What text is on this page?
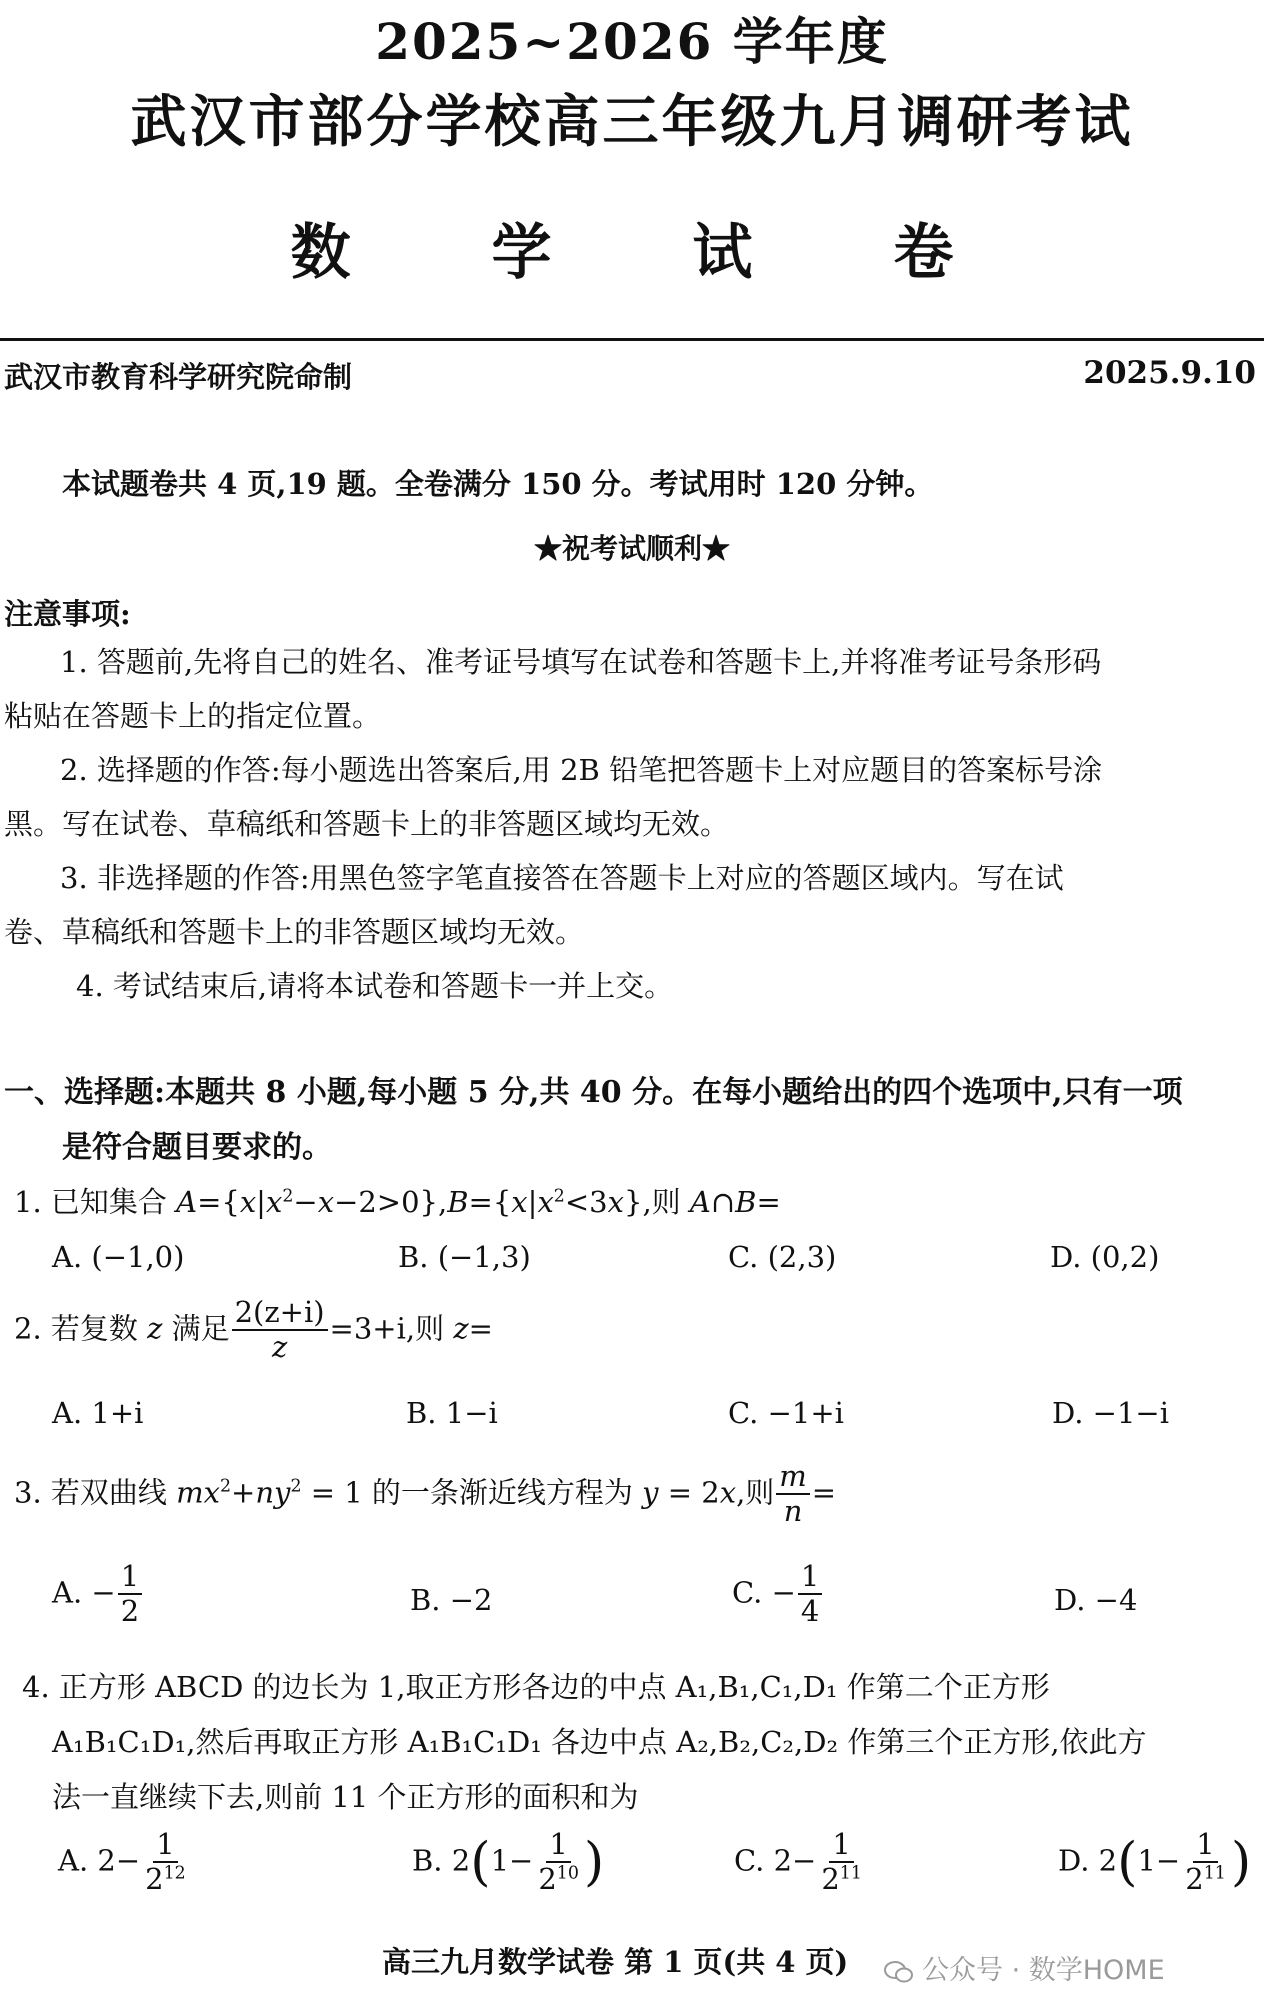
2025~2026 学年度
武汉市部分学校高三年级九月调研考试
数 学 试 卷
武汉市教育科学研究院命制	2025.9.10
本试题卷共 4 页,19 题。全卷满分 150 分。考试用时 120 分钟。
★祝考试顺利★
注意事项:
1. 答题前,先将自己的姓名、准考证号填写在试卷和答题卡上,并将准考证号条形码
粘贴在答题卡上的指定位置。
2. 选择题的作答:每小题选出答案后,用 2B 铅笔把答题卡上对应题目的答案标号涂
黑。写在试卷、草稿纸和答题卡上的非答题区域均无效。
3. 非选择题的作答:用黑色签字笔直接答在答题卡上对应的答题区域内。写在试
卷、草稿纸和答题卡上的非答题区域均无效。
4. 考试结束后,请将本试卷和答题卡一并上交。
一、选择题:本题共 8 小题,每小题 5 分,共 40 分。在每小题给出的四个选项中,只有一项
是符合题目要求的。
1. 已知集合 $A=\{x|x^2-x-2>0\},B=\{x|x^2<3x\}$,则 A∩B=
A. (−1,0)	B. (−1,3)	C. (2,3)	D. (0,2)
2. 若复数 z 满足 $\frac{2(z+i)}{z} =3+i$,则 z=
A. 1+i	B. 1−i	C. −1+i	D. −1−i
3. 若双曲线 $mx^2+ny^2 = 1$ 的一条渐近线方程为 y = 2x,则 $\frac{m}{n}$ =
A. − $\frac{1}{2}$	B. −2	C. − $\frac{1}{4}$	D. −4
4. 正方形 ABCD 的边长为 1,取正方形各边的中点 A₁,B₁,C₁,D₁ 作第二个正方形
A₁B₁C₁D₁,然后再取正方形 A₁B₁C₁D₁ 各边中点 A₂,B₂,C₂,D₂ 作第三个正方形,依此方
法一直继续下去,则前 11 个正方形的面积和为
A. $2- \frac{1}{2^{12}}$	B. $2(1- \frac{1}{2^{10}}$ )	C. $2- \frac{1}{2^{11}}$	D. $2(1- \frac{1}{2^{11}}$ )
高三九月数学试卷 第 1 页(共 4 页)	公众号 · 数学HOME
